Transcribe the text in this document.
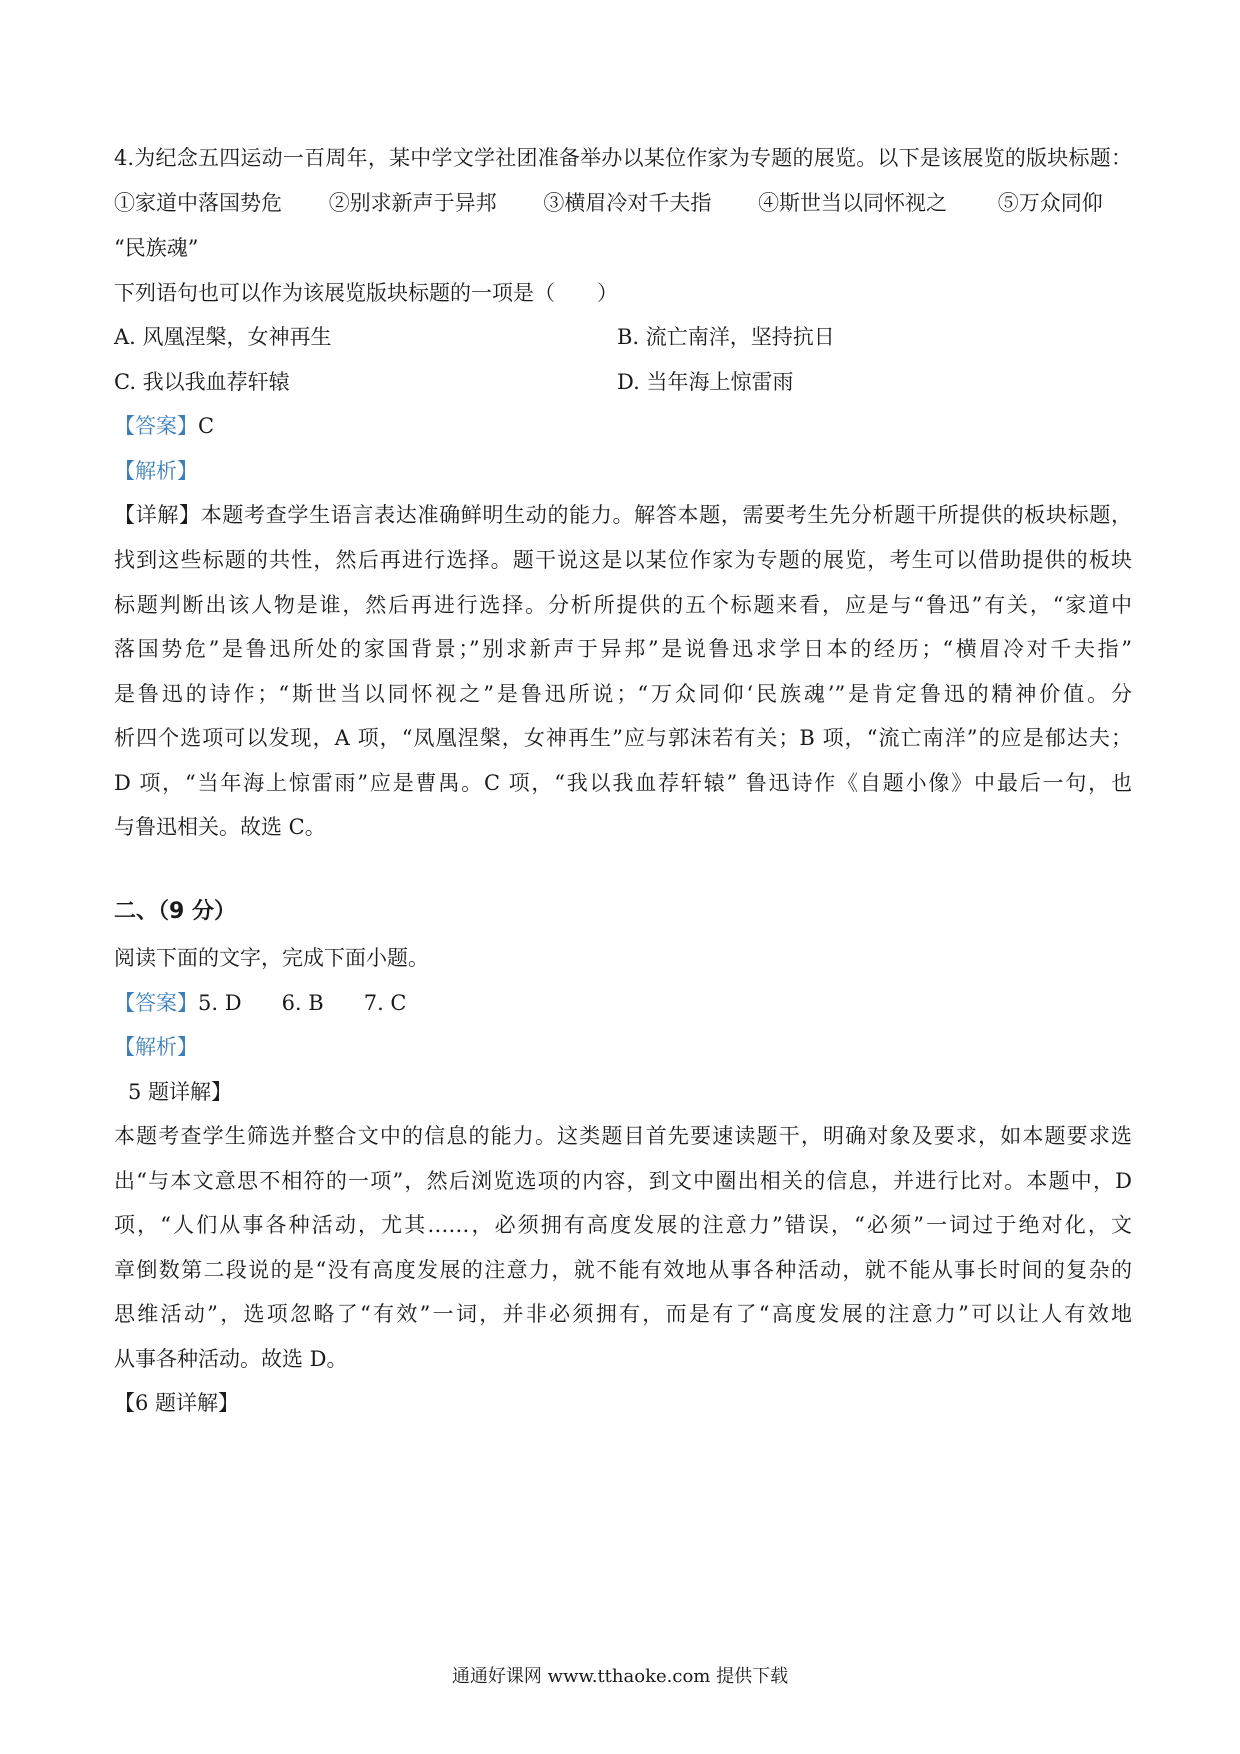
4.为纪念五四运动一百周年，某中学文学社团准备举办以某位作家为专题的展览。以下是该展览的版块标题：
①家道中落国势危 ②别求新声于异邦 ③横眉冷对千夫指 ④斯世当以同怀视之 ⑤万众同仰
“民族魂”
下列语句也可以作为该展览版块标题的一项是（　　）
A. 风凰涅槃，女神再生	B. 流亡南洋，坚持抗日
C. 我以我血荐轩辕	D. 当年海上惊雷雨
【答案】C
【解析】
【详解】本题考查学生语言表达准确鲜明生动的能力。解答本题，需要考生先分析题干所提供的板块标题，
找到这些标题的共性，然后再进行选择。题干说这是以某位作家为专题的展览，考生可以借助提供的板块
标题判断出该人物是谁，然后再进行选择。分析所提供的五个标题来看，应是与“鲁迅”有关，“家道中
落国势危”是鲁迅所处的家国背景；”别求新声于异邦”是说鲁迅求学日本的经历；“横眉冷对千夫指”
是鲁迅的诗作；“斯世当以同怀视之”是鲁迅所说；“万众同仰‘民族魂’”是肯定鲁迅的精神价值。分
析四个选项可以发现，A 项，“凤凰涅槃，女神再生”应与郭沫若有关；B 项，“流亡南洋”的应是郁达夫；
D 项，“当年海上惊雷雨”应是曹禺。C 项，“我以我血荐轩辕” 鲁迅诗作《自题小像》中最后一句，也
与鲁迅相关。故选 C。
二、（9 分）
阅读下面的文字，完成下面小题。
【答案】5. D 6. B 7. C
【解析】
5 题详解】
本题考查学生筛选并整合文中的信息的能力。这类题目首先要速读题干，明确对象及要求，如本题要求选
出“与本文意思不相符的一项”，然后浏览选项的内容，到文中圈出相关的信息，并进行比对。本题中，D
项，“人们从事各种活动，尤其……，必须拥有高度发展的注意力”错误，“必须”一词过于绝对化，文
章倒数第二段说的是“没有高度发展的注意力，就不能有效地从事各种活动，就不能从事长时间的复杂的
思维活动”，选项忽略了“有效”一词，并非必须拥有，而是有了“高度发展的注意力”可以让人有效地
从事各种活动。故选 D。
【6 题详解】
通通好课网 www.tthaoke.com 提供下载
